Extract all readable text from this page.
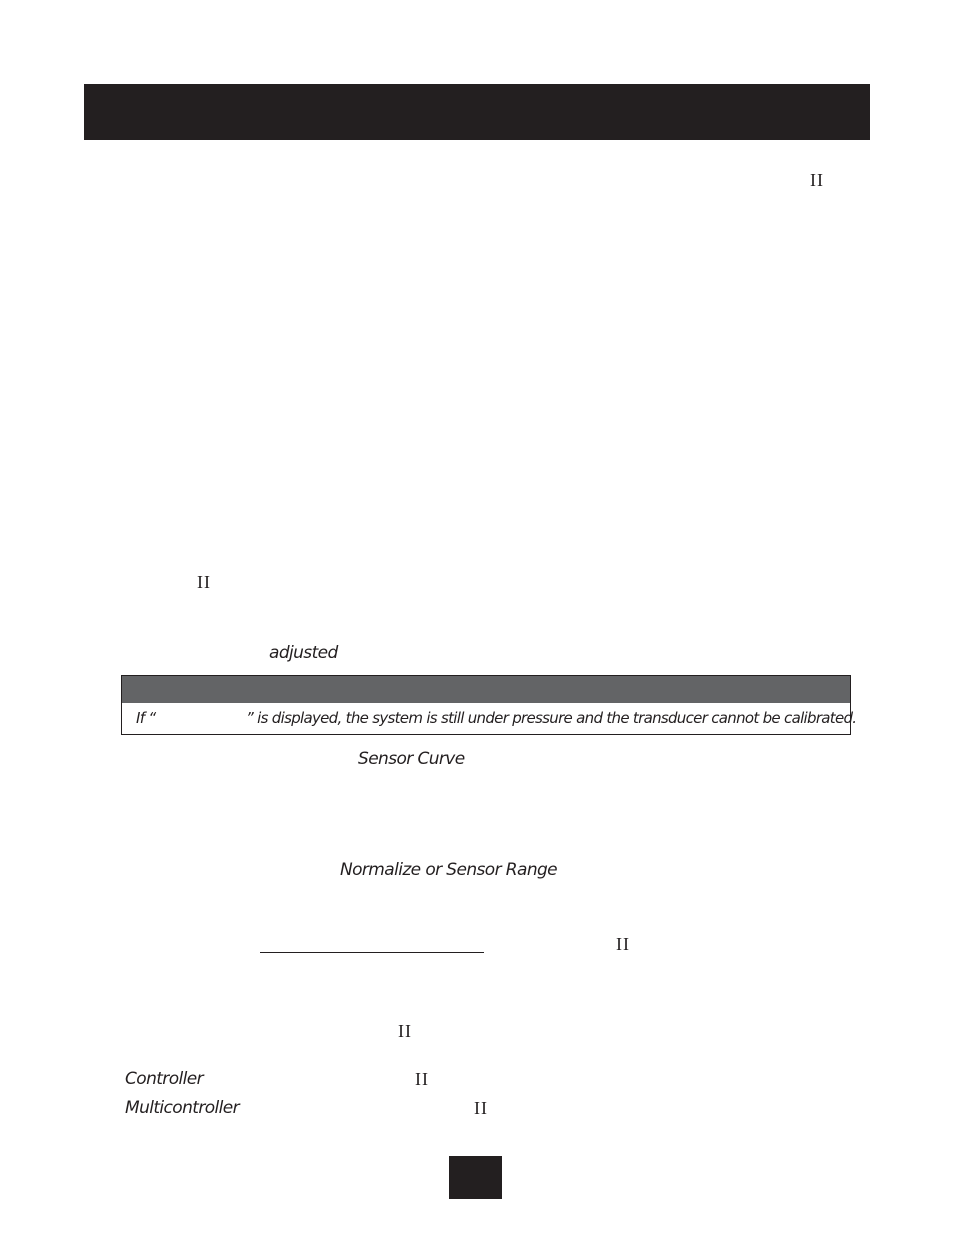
II
II
adjusted
If “	” is displayed, the system is still under pressure and the transducer cannot be calibrated.
Sensor Curve
Normalize or Sensor Range
II
II
Controller	II
Multicontroller	II
